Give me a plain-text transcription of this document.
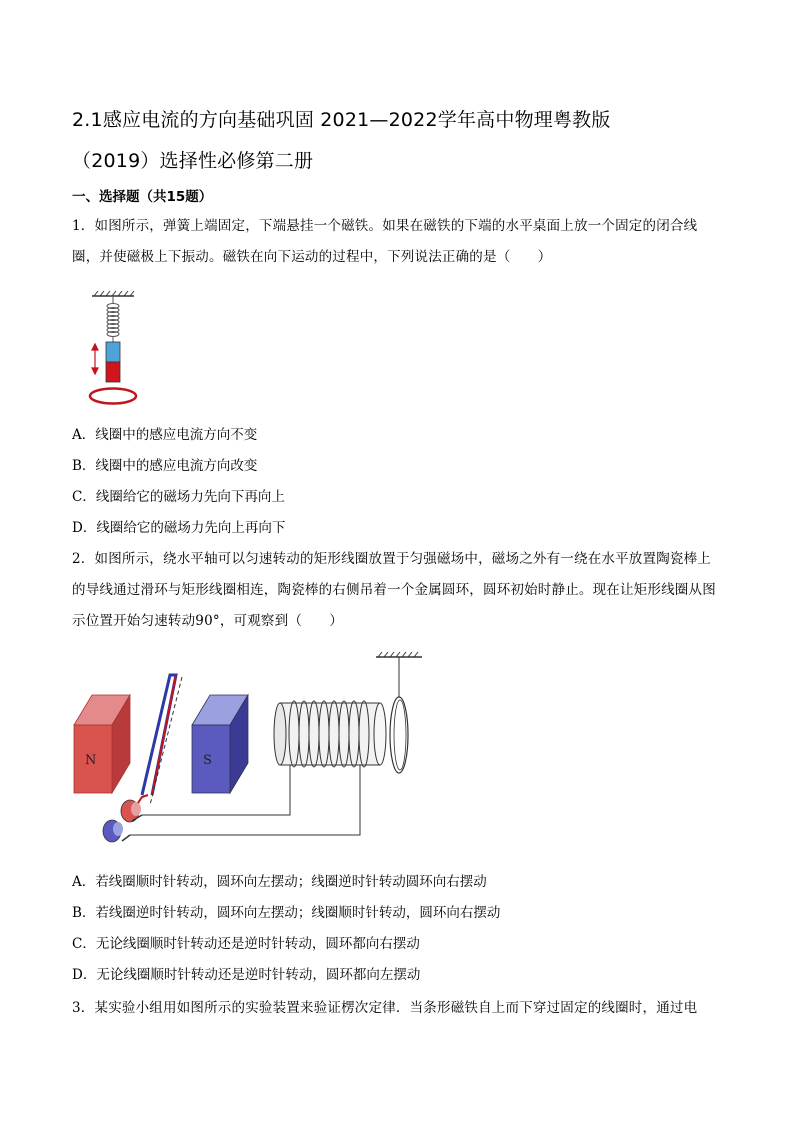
2.1感应电流的方向基础巩固 2021—2022学年高中物理粤教版
（2019）选择性必修第二册
一、选择题（共15题）
1．如图所示，弹簧上端固定，下端悬挂一个磁铁。如果在磁铁的下端的水平桌面上放一个固定的闭合线圈，并使磁极上下振动。磁铁在向下运动的过程中，下列说法正确的是（　　）
A．线圈中的感应电流方向不变
B．线圈中的感应电流方向改变
C．线圈给它的磁场力先向下再向上
D．线圈给它的磁场力先向上再向下
2．如图所示，绕水平轴可以匀速转动的矩形线圈放置于匀强磁场中，磁场之外有一绕在水平放置陶瓷棒上的导线通过滑环与矩形线圈相连，陶瓷棒的右侧吊着一个金属圆环，圆环初始时静止。现在让矩形线圈从图示位置开始匀速转动90°，可观察到（　　）
N	S
A．若线圈顺时针转动，圆环向左摆动；线圈逆时针转动圆环向右摆动
B．若线圈逆时针转动，圆环向左摆动；线圈顺时针转动，圆环向右摆动
C．无论线圈顺时针转动还是逆时针转动，圆环都向右摆动
D．无论线圈顺时针转动还是逆时针转动，圆环都向左摆动
3．某实验小组用如图所示的实验装置来验证楞次定律．当条形磁铁自上而下穿过固定的线圈时，通过电
